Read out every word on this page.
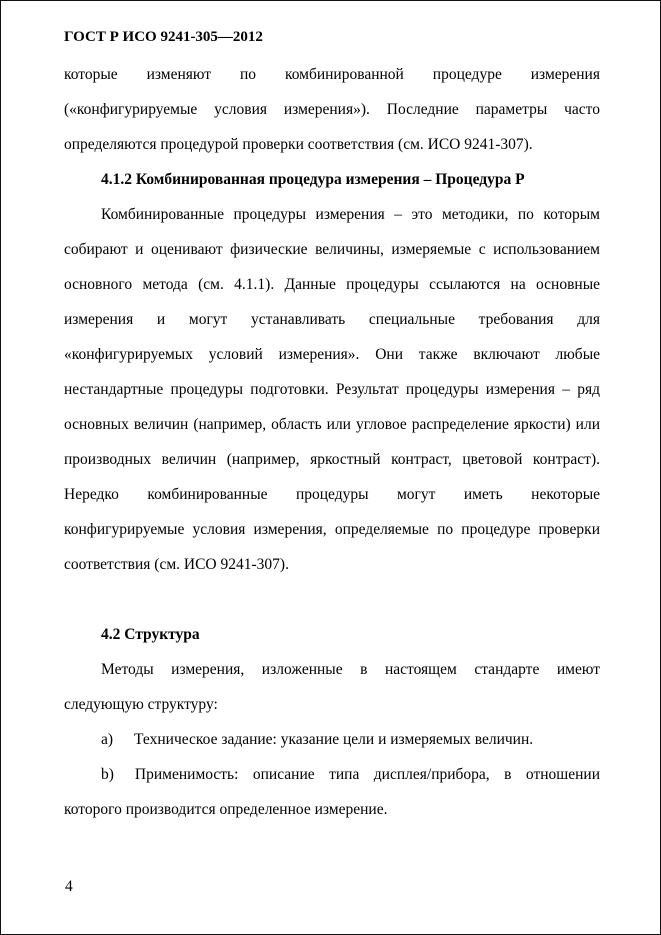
ГОСТ Р ИСО 9241-305—2012

которые изменяют по комбинированной процедуре измерения («конфигурируемые условия измерения»). Последние параметры часто определяются процедурой проверки соответствия (см. ИСО 9241-307).

4.1.2 Комбинированная процедура измерения – Процедура P

Комбинированные процедуры измерения – это методики, по которым собирают и оценивают физические величины, измеряемые с использованием основного метода (см. 4.1.1). Данные процедуры ссылаются на основные измерения и могут устанавливать специальные требования для «конфигурируемых условий измерения». Они также включают любые нестандартные процедуры подготовки. Результат процедуры измерения – ряд основных величин (например, область или угловое распределение яркости) или производных величин (например, яркостный контраст, цветовой контраст). Нередко комбинированные процедуры могут иметь некоторые конфигурируемые условия измерения, определяемые по процедуре проверки соответствия (см. ИСО 9241-307).

4.2 Структура

Методы измерения, изложенные в настоящем стандарте имеют следующую структуру:

a) Техническое задание: указание цели и измеряемых величин.

b) Применимость: описание типа дисплея/прибора, в отношении которого производится определенное измерение.

4
